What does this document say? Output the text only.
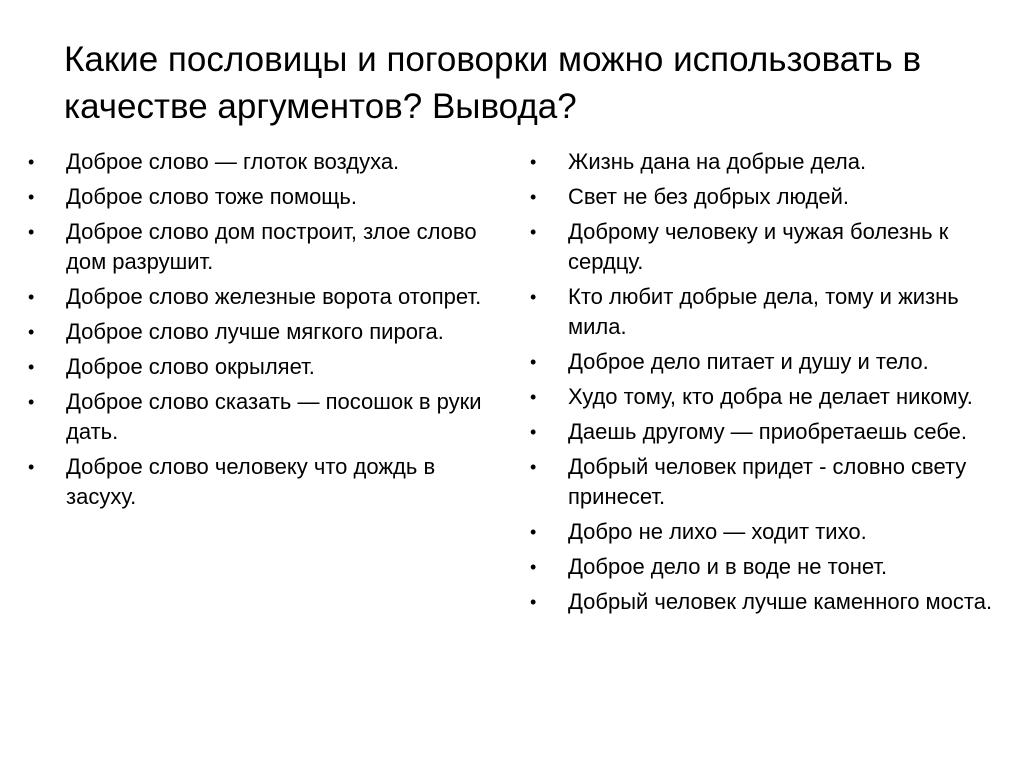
Какие пословицы и поговорки можно использовать в качестве аргументов? Вывода?
• Доброе слово — глоток воздуха.
• Доброе слово тоже помощь.
• Доброе слово дом построит, злое слово дом разрушит.
• Доброе слово железные ворота отопрет.
• Доброе слово лучше мягкого пирога.
• Доброе слово окрыляет.
• Доброе слово сказать — посошок в руки дать.
• Доброе слово человеку что дождь в засуху.
• Жизнь дана на добрые дела.
• Свет не без добрых людей.
• Доброму человеку и чужая болезнь к сердцу.
• Кто любит добрые дела, тому и жизнь мила.
• Доброе дело питает и душу и тело.
• Худо тому, кто добра не делает никому.
• Даешь другому — приобретаешь себе.
• Добрый человек придет - словно свету принесет.
• Добро не лихо — ходит тихо.
• Доброе дело и в воде не тонет.
• Добрый человек лучше каменного моста.
